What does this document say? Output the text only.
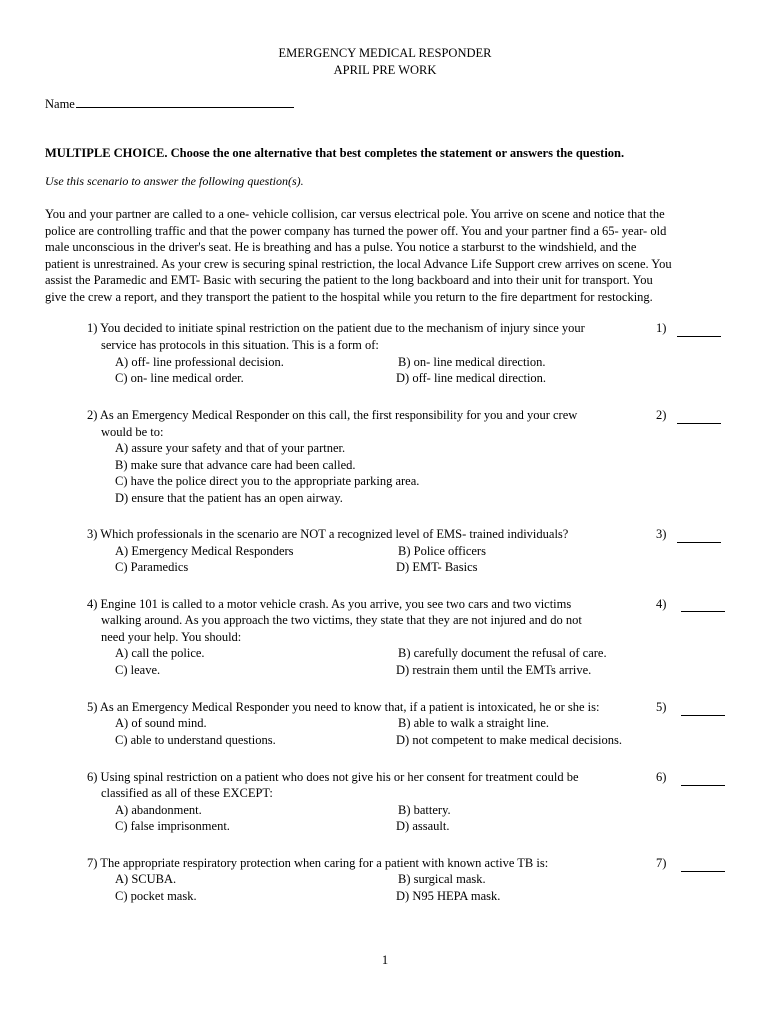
EMERGENCY MEDICAL RESPONDER
APRIL PRE WORK
Name
MULTIPLE CHOICE. Choose the one alternative that best completes the statement or answers the question.
Use this scenario to answer the following question(s).
You and your partner are called to a one- vehicle collision, car versus electrical pole. You arrive on scene and notice that the
police are controlling traffic and that the power company has turned the power off. You and your partner find a 65- year- old
male unconscious in the driver's seat. He is breathing and has a pulse. You notice a starburst to the windshield, and the
patient is unrestrained. As your crew is securing spinal restriction, the local Advance Life Support crew arrives on scene. You
assist the Paramedic and EMT- Basic with securing the patient to the long backboard and into their unit for transport. You
give the crew a report, and they transport the patient to the hospital while you return to the fire department for restocking.
1) You decided to initiate spinal restriction on the patient due to the mechanism of injury since your
service has protocols in this situation. This is a form of:
A) off- line professional decision.	B) on- line medical direction.
C) on- line medical order.	D) off- line medical direction.
1)
2) As an Emergency Medical Responder on this call, the first responsibility for you and your crew
would be to:
A) assure your safety and that of your partner.
B) make sure that advance care had been called.
C) have the police direct you to the appropriate parking area.
D) ensure that the patient has an open airway.
2)
3) Which professionals in the scenario are NOT a recognized level of EMS- trained individuals?
A) Emergency Medical Responders	B) Police officers
C) Paramedics	D) EMT- Basics
3)
4) Engine 101 is called to a motor vehicle crash. As you arrive, you see two cars and two victims
walking around. As you approach the two victims, they state that they are not injured and do not
need your help. You should:
A) call the police.	B) carefully document the refusal of care.
C) leave.	D) restrain them until the EMTs arrive.
4)
5) As an Emergency Medical Responder you need to know that, if a patient is intoxicated, he or she is:
A) of sound mind.	B) able to walk a straight line.
C) able to understand questions.	D) not competent to make medical decisions.
5)
6) Using spinal restriction on a patient who does not give his or her consent for treatment could be
classified as all of these EXCEPT:
A) abandonment.	B) battery.
C) false imprisonment.	D) assault.
6)
7) The appropriate respiratory protection when caring for a patient with known active TB is:
A) SCUBA.	B) surgical mask.
C) pocket mask.	D) N95 HEPA mask.
7)
1
